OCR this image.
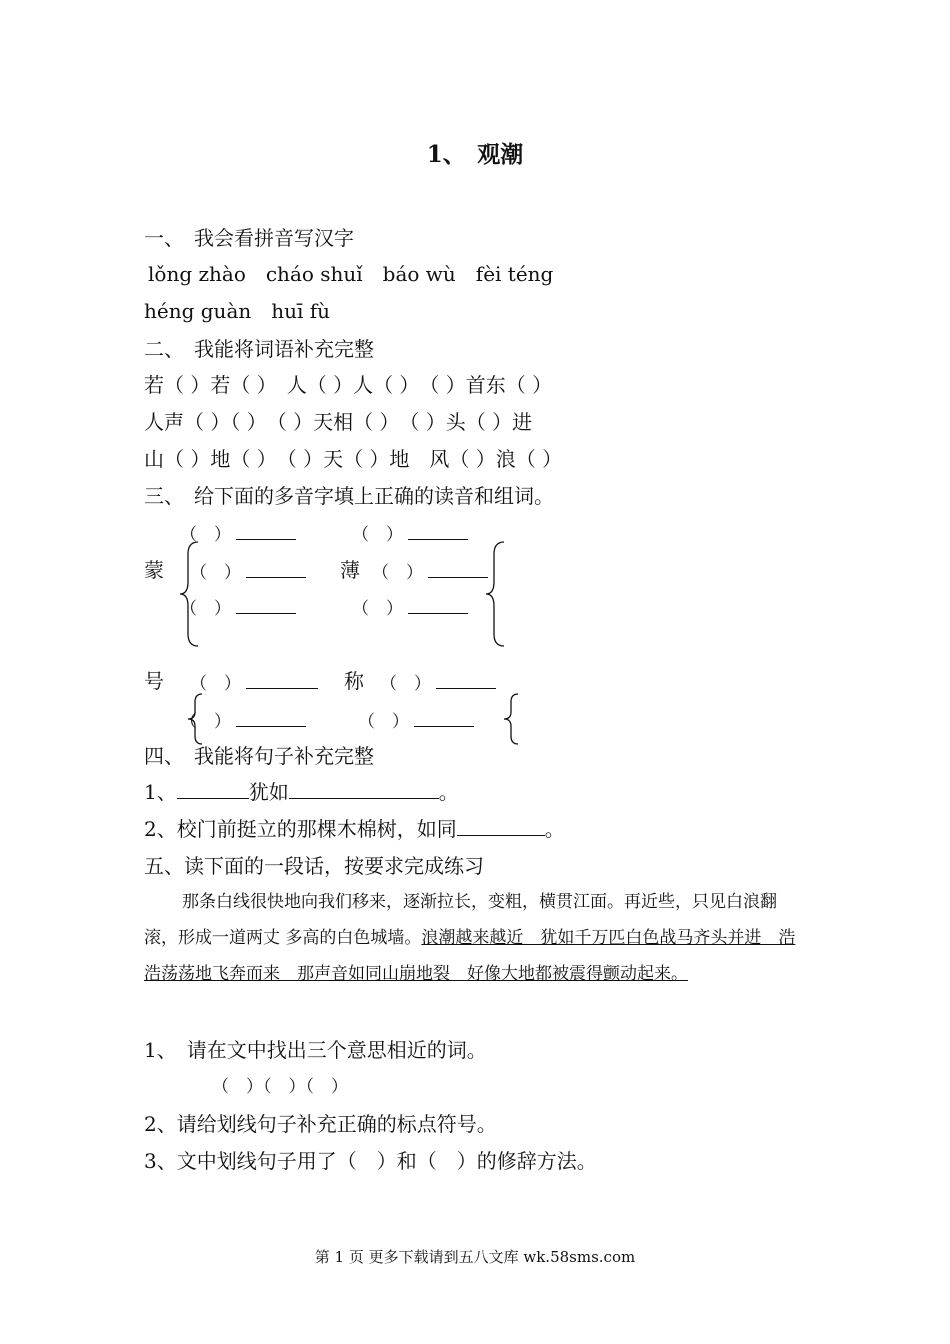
1、　观潮
一、　我会看拼音写汉字
lǒng zhào　cháo shuǐ　báo wù　fèi téng
héng guàn　huī fù
二、　我能将词语补充完整
若（ ）若（ ）　人（ ）人（ ）　（ ）首东（ ）
人声（ ）（ ）　（ ）天相（ ）　（ ）头（ ）进
山（ ）地（ ）　（ ）天（ ）地　风（ ）浪（ ）
三、　给下面的多音字填上正确的读音和组词。
（　）	（　）
蒙 （　）	薄 （　）
（　）	（　）
号 （　）	称 （　）
（　）	（　）
四、　我能将句子补充完整
1、	犹如	。
2、校门前挺立的那棵木棉树，如同	。
五、读下面的一段话，按要求完成练习
那条白线很快地向我们移来，逐渐拉长，变粗，横贯江面。再近些，只见白浪翻滚，形成一道两丈 多高的白色城墙。浪潮越来越近　犹如千万匹白色战马齐头并进　浩浩荡荡地飞奔而来　那声音如同山崩地裂　好像大地都被震得颤动起来。
1、　请在文中找出三个意思相近的词。
（　）（　）（　）
2、请给划线句子补充正确的标点符号。
3、文中划线句子用了（　）和（　）的修辞方法。
第 1 页 更多下载请到五八文库 wk.58sms.com
